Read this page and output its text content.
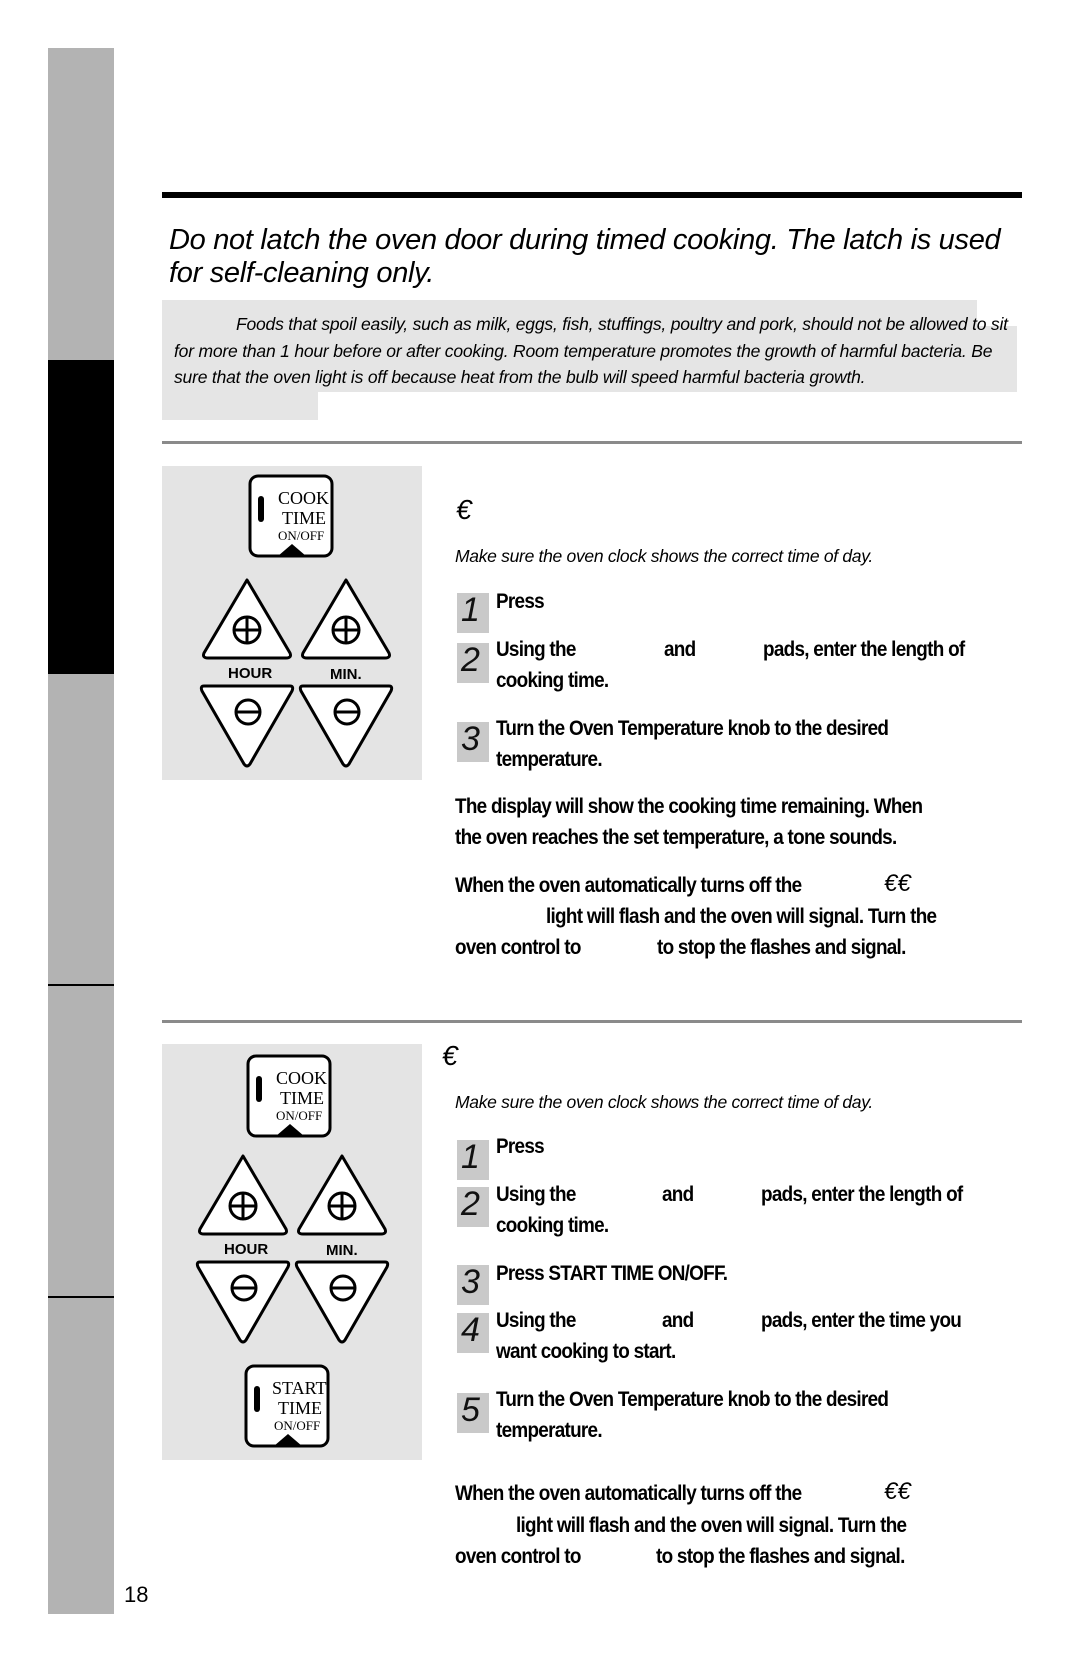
Do not latch the oven door during timed cooking. The latch is used for self-cleaning only.
Foods that spoil easily, such as milk, eggs, fish, stuffings, poultry and pork, should not be allowed to sit for more than 1 hour before or after cooking. Room temperature promotes the growth of harmful bacteria. Be sure that the oven light is off because heat from the bulb will speed harmful bacteria growth.
COOK
TIME
ON/OFF
HOUR	MIN.
€
Make sure the oven clock shows the correct time of day.
1 Press
2 Using the	and	pads, enter the length of
cooking time.
3 Turn the Oven Temperature knob to the desired
temperature.
The display will show the cooking time remaining. When
the oven reaches the set temperature, a tone sounds.
When the oven automatically turns off the	€€
light will flash and the oven will signal. Turn the
oven control to	to stop the flashes and signal.
COOK
TIME
ON/OFF
HOUR	MIN.
START
TIME
ON/OFF
€
Make sure the oven clock shows the correct time of day.
1 Press
2 Using the	and	pads, enter the length of
cooking time.
3 Press START TIME ON/OFF.
4 Using the	and	pads, enter the time you
want cooking to start.
5 Turn the Oven Temperature knob to the desired
temperature.
When the oven automatically turns off the	€€
light will flash and the oven will signal. Turn the
oven control to	to stop the flashes and signal.
18
